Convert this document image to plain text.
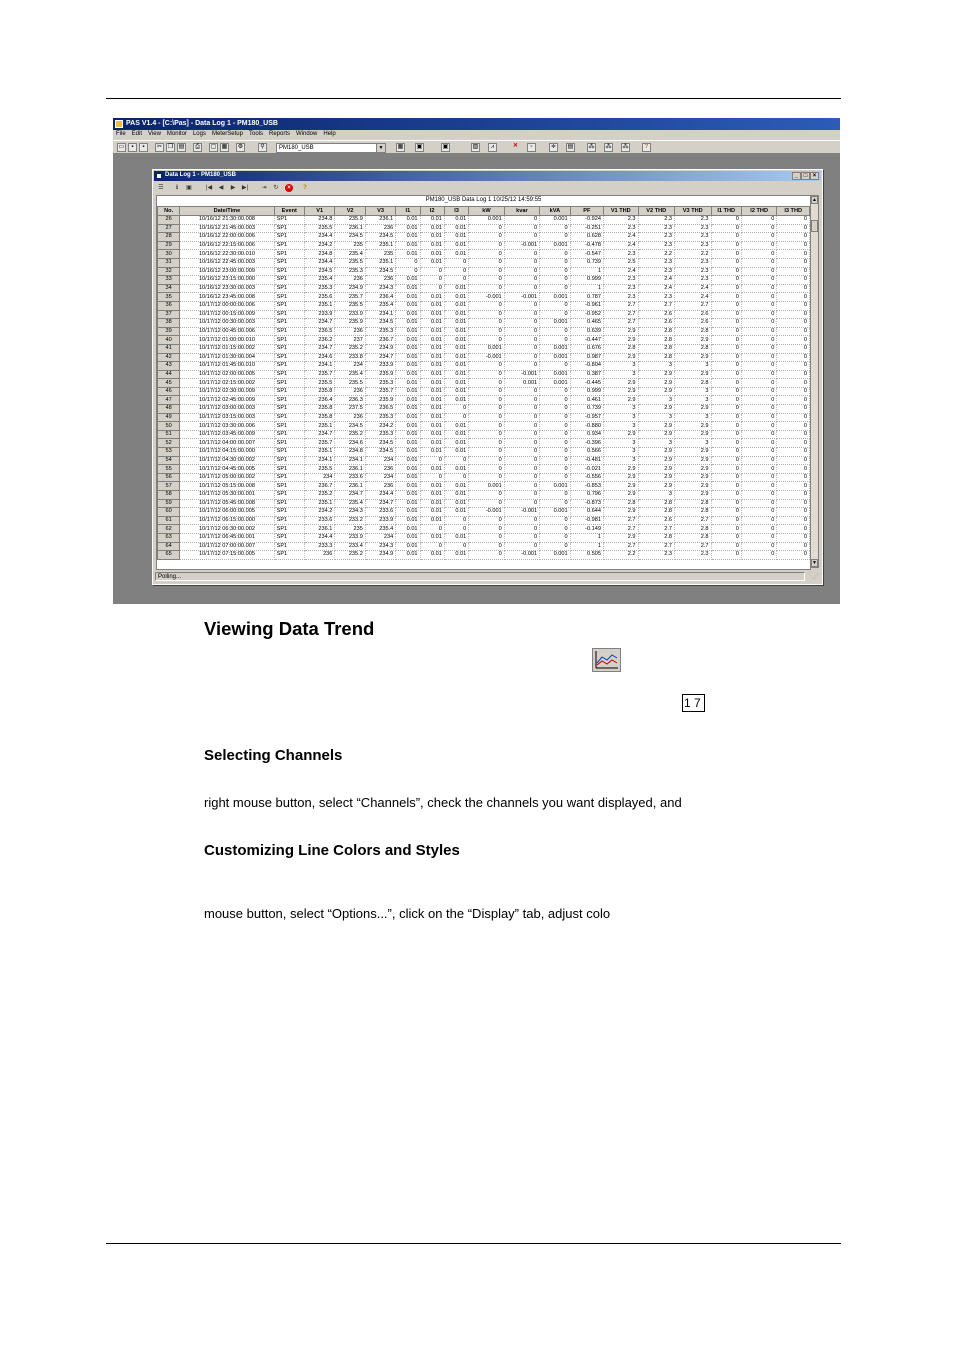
PAS V1.4 - [C:\Pas] - Data Log 1 - PM180_USB
File Edit View Monitor Logs MeterSetup Tools Reports Window Help
▭	▪	▪	✂ ❐ ▤	⎙	▢ ▦ ⚙	⚲	PM180_USB	▼ ▦ ▣	▣	▨	⩘	✕	▫	≑	▤	⁂ ⁂ ⁂	?
Data Log 1 - PM180_USB	_ □ ×
☰	ℹ	▣ |◀ ◀ ▶ ▶| ⇥ ↻	×	?
PM180_USB Data Log 1 10/25/12 14:59:55
No.	Date/Time	Event	V1	V2	V3	I1	I2	I3	kW	kvar	kVA	PF	V1 THD	V2 THD	V3 THD	I1 THD	I2 THD	I3 THD
26	10/16/12 21:30:00.008	SP1	234.8	235.9	236.1	0.01	0.01	0.01	0.001	0	0.001	-0.924	2.3	2.3	2.3	0	0	0
27	10/16/12 21:45:00.003	SP1	235.5	236.1	236	0.01	0.01	0.01	0	0	0	-0.251	2.3	2.3	2.3	0	0	0
28	10/16/12 22:00:00.006	SP1	234.4	234.5	234.5	0.01	0.01	0.01	0	0	0	0.628	2.4	2.3	2.3	0	0	0
29	10/16/12 22:15:00.006	SP1	234.2	235	235.1	0.01	0.01	0.01	0	-0.001	0.001	-0.478	2.4	2.3	2.3	0	0	0
30	10/16/12 22:30:00.010	SP1	234.8	235.4	235	0.01	0.01	0.01	0	0	0	-0.547	2.3	2.2	2.2	0	0	0
31	10/16/12 22:45:00.003	SP1	234.4	235.5	235.1	0	0.01	0	0	0	0	0.739	2.5	2.3	2.3	0	0	0
32	10/16/12 23:00:00.009	SP1	234.5	235.3	234.5	0	0	0	0	0	0	1	2.4	2.3	2.3	0	0	0
33	10/16/12 23:15:00.000	SP1	235.4	236	236	0.01	0	0	0	0	0	0.999	2.3	2.4	2.3	0	0	0
34	10/16/12 23:30:00.003	SP1	235.3	234.9	234.3	0.01	0	0.01	0	0	0	1	2.3	2.4	2.4	0	0	0
35	10/16/12 23:45:00.008	SP1	235.6	235.7	236.4	0.01	0.01	0.01	-0.001	-0.001	0.001	0.787	2.3	2.3	2.4	0	0	0
36	10/17/12 00:00:00.006	SP1	235.1	235.5	235.4	0.01	0.01	0.01	0	0	0	-0.961	2.7	2.7	2.7	0	0	0
37	10/17/12 00:15:00.009	SP1	233.9	233.9	234.1	0.01	0.01	0.01	0	0	0	-0.952	2.7	2.6	2.6	0	0	0
38	10/17/12 00:30:00.003	SP1	234.7	235.9	234.5	0.01	0.01	0.01	0	0	0.001	0.465	2.7	2.6	2.6	0	0	0
39	10/17/12 00:45:00.006	SP1	236.5	236	235.3	0.01	0.01	0.01	0	0	0	0.639	2.9	2.8	2.8	0	0	0
40	10/17/12 01:00:00.010	SP1	236.2	237	236.7	0.01	0.01	0.01	0	0	0	-0.447	2.9	2.8	2.9	0	0	0
41	10/17/12 01:15:00.002	SP1	234.7	235.2	234.9	0.01	0.01	0.01	0.001	0	0.001	0.676	2.8	2.8	2.8	0	0	0
42	10/17/12 01:30:00.004	SP1	234.6	233.8	234.7	0.01	0.01	0.01	-0.001	0	0.001	0.987	2.9	2.8	2.9	0	0	0
43	10/17/12 01:45:00.010	SP1	234.1	234	233.9	0.01	0.01	0.01	0	0	0	-0.804	3	3	3	0	0	0
44	10/17/12 02:00:00.005	SP1	235.7	235.4	235.9	0.01	0.01	0.01	0	-0.001	0.001	0.387	3	2.9	2.9	0	0	0
45	10/17/12 02:15:00.002	SP1	235.5	235.5	235.3	0.01	0.01	0.01	0	0.001	0.001	-0.445	2.9	2.9	2.8	0	0	0
46	10/17/12 02:30:00.009	SP1	235.8	236	235.7	0.01	0.01	0.01	0	0	0	0.999	2.9	2.9	3	0	0	0
47	10/17/12 02:45:00.009	SP1	236.4	236.3	235.9	0.01	0.01	0.01	0	0	0	0.461	2.9	3	3	0	0	0
48	10/17/12 03:00:00.003	SP1	235.8	237.5	236.5	0.01	0.01	0	0	0	0	0.739	3	2.9	2.9	0	0	0
49	10/17/12 03:15:00.003	SP1	235.8	236	235.3	0.01	0.01	0	0	0	0	-0.957	3	3	3	0	0	0
50	10/17/12 03:30:00.006	SP1	235.1	234.5	234.2	0.01	0.01	0.01	0	0	0	-0.880	3	2.9	2.9	0	0	0
51	10/17/12 03:45:00.009	SP1	234.7	235.2	235.3	0.01	0.01	0.01	0	0	0	0.934	2.9	2.9	2.9	0	0	0
52	10/17/12 04:00:00.007	SP1	235.7	234.6	234.5	0.01	0.01	0.01	0	0	0	-0.396	3	3	3	0	0	0
53	10/17/12 04:15:00.000	SP1	235.1	234.8	234.5	0.01	0.01	0.01	0	0	0	0.566	3	2.9	2.9	0	0	0
54	10/17/12 04:30:00.002	SP1	234.1	234.1	234	0.01	0	0	0	0	0	-0.481	3	2.9	2.9	0	0	0
55	10/17/12 04:45:00.005	SP1	235.5	236.1	236	0.01	0.01	0.01	0	0	0	-0.021	2.9	2.9	2.9	0	0	0
56	10/17/12 05:00:00.002	SP1	234	233.6	234	0.01	0	0	0	0	0	-0.556	2.9	2.9	2.9	0	0	0
57	10/17/12 05:15:00.008	SP1	236.7	236.1	236	0.01	0.01	0.01	0.001	0	0.001	-0.853	2.9	2.9	2.9	0	0	0
58	10/17/12 05:30:00.001	SP1	235.2	234.7	234.4	0.01	0.01	0.01	0	0	0	0.796	2.9	3	2.9	0	0	0
59	10/17/12 05:45:00.008	SP1	235.1	235.4	234.7	0.01	0.01	0.01	0	0	0	-0.873	2.8	2.8	2.8	0	0	0
60	10/17/12 06:00:00.005	SP1	234.2	234.3	233.6	0.01	0.01	0.01	-0.001	-0.001	0.001	0.644	2.9	2.8	2.8	0	0	0
61	10/17/12 06:15:00.000	SP1	233.6	233.2	233.9	0.01	0.01	0	0	0	0	-0.981	2.7	2.6	2.7	0	0	0
62	10/17/12 06:30:00.002	SP1	236.1	235	235.4	0.01	0	0	0	0	0	-0.149	2.7	2.7	2.8	0	0	0
63	10/17/12 06:45:00.001	SP1	234.4	233.9	234	0.01	0.01	0.01	0	0	0	1	2.9	2.8	2.8	0	0	0
64	10/17/12 07:00:00.007	SP1	233.3	233.4	234.3	0.01	0	0	0	0	0	1	2.7	2.7	2.7	0	0	0
65	10/17/12 07:15:00.005	SP1	236	235.2	234.9	0.01	0.01	0.01	0	-0.001	0.001	0.505	2.2	2.3	2.3	0	0	0
▲
▼
Polling...	⋰
Viewing Data Trend
1 7
Selecting Channels

right mouse button, select “Channels”, check the channels you want displayed, and

Customizing Line Colors and Styles

mouse button, select “Options...”, click on the “Display” tab, adjust colo
